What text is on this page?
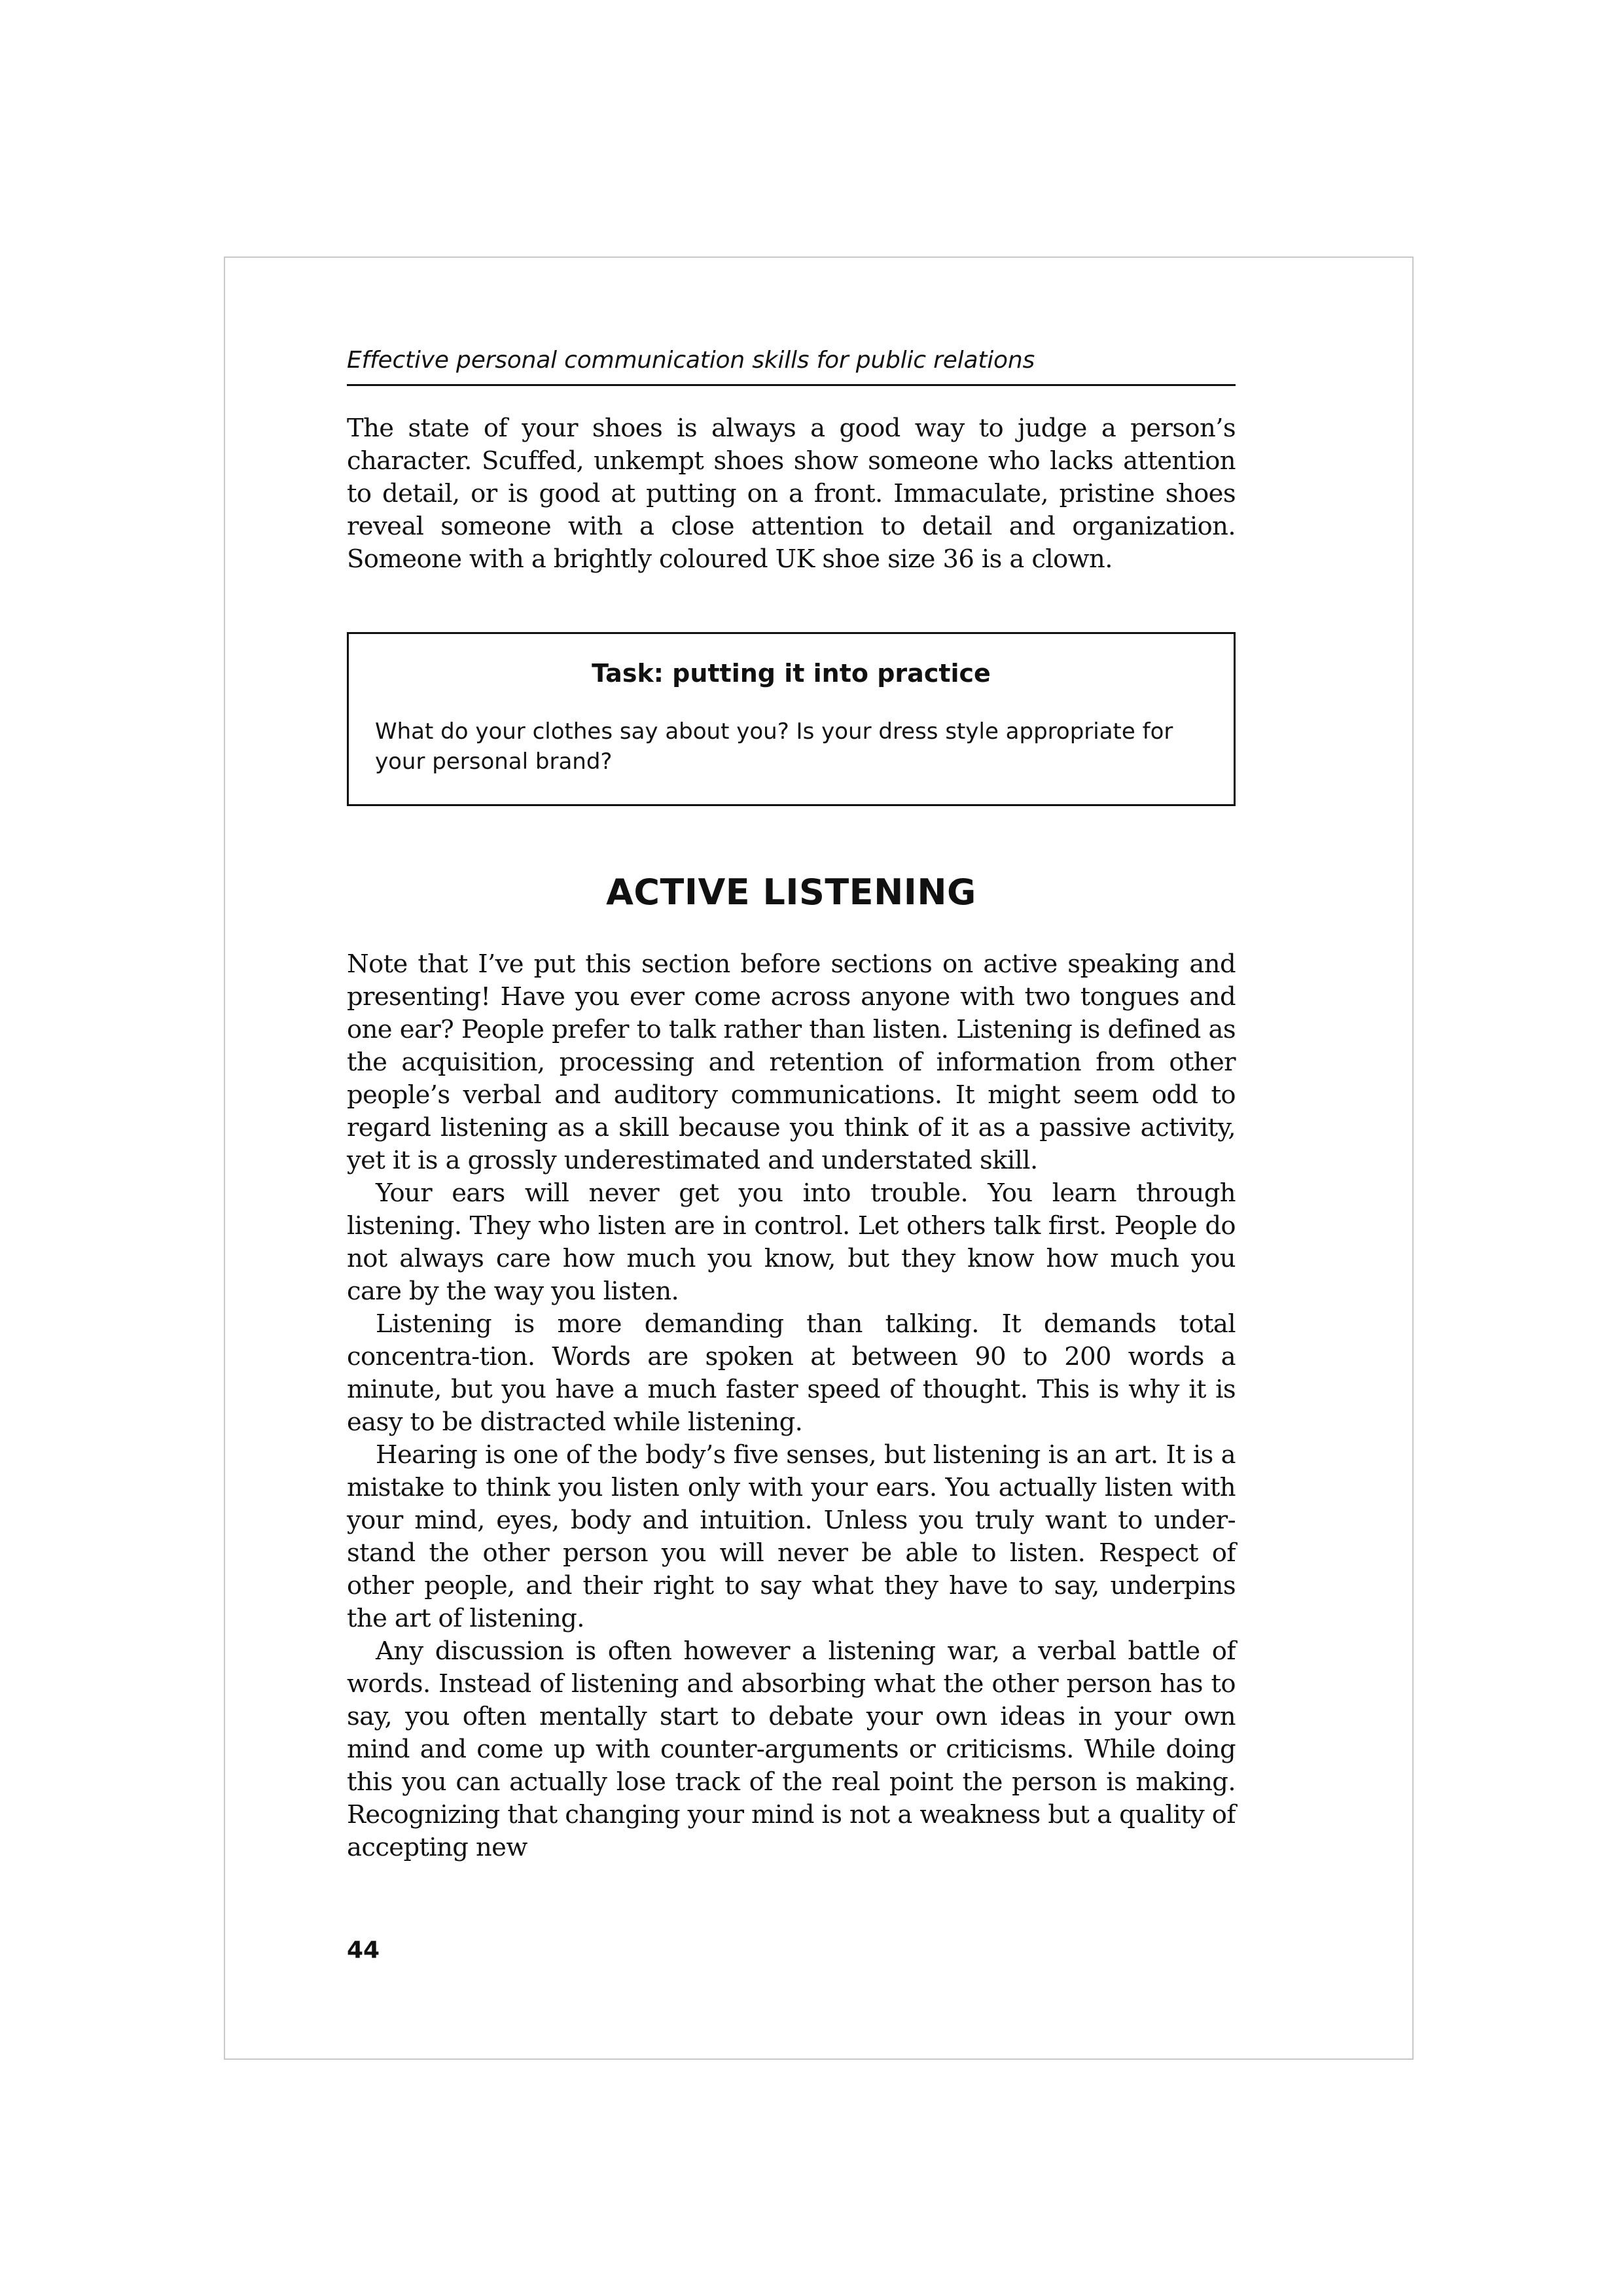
Effective personal communication skills for public relations

The state of your shoes is always a good way to judge a person’s character. Scuffed, unkempt shoes show someone who lacks attention to detail, or is good at putting on a front. Immaculate, pristine shoes reveal someone with a close attention to detail and organization. Someone with a brightly coloured UK shoe size 36 is a clown.

Task: putting it into practice

What do your clothes say about you? Is your dress style appropriate for your personal brand?

ACTIVE LISTENING

Note that I’ve put this section before sections on active speaking and presenting! Have you ever come across anyone with two tongues and one ear? People prefer to talk rather than listen. Listening is defined as the acquisition, processing and retention of information from other people’s verbal and auditory communications. It might seem odd to regard listening as a skill because you think of it as a passive activity, yet it is a grossly underestimated and understated skill.

Your ears will never get you into trouble. You learn through listening. They who listen are in control. Let others talk first. People do not always care how much you know, but they know how much you care by the way you listen.

Listening is more demanding than talking. It demands total concentra-tion. Words are spoken at between 90 to 200 words a minute, but you have a much faster speed of thought. This is why it is easy to be distracted while listening.

Hearing is one of the body’s five senses, but listening is an art. It is a mistake to think you listen only with your ears. You actually listen with your mind, eyes, body and intuition. Unless you truly want to under-stand the other person you will never be able to listen. Respect of other people, and their right to say what they have to say, underpins the art of listening.

Any discussion is often however a listening war, a verbal battle of words. Instead of listening and absorbing what the other person has to say, you often mentally start to debate your own ideas in your own mind and come up with counter-arguments or criticisms. While doing this you can actually lose track of the real point the person is making. Recognizing that changing your mind is not a weakness but a quality of accepting new

44
